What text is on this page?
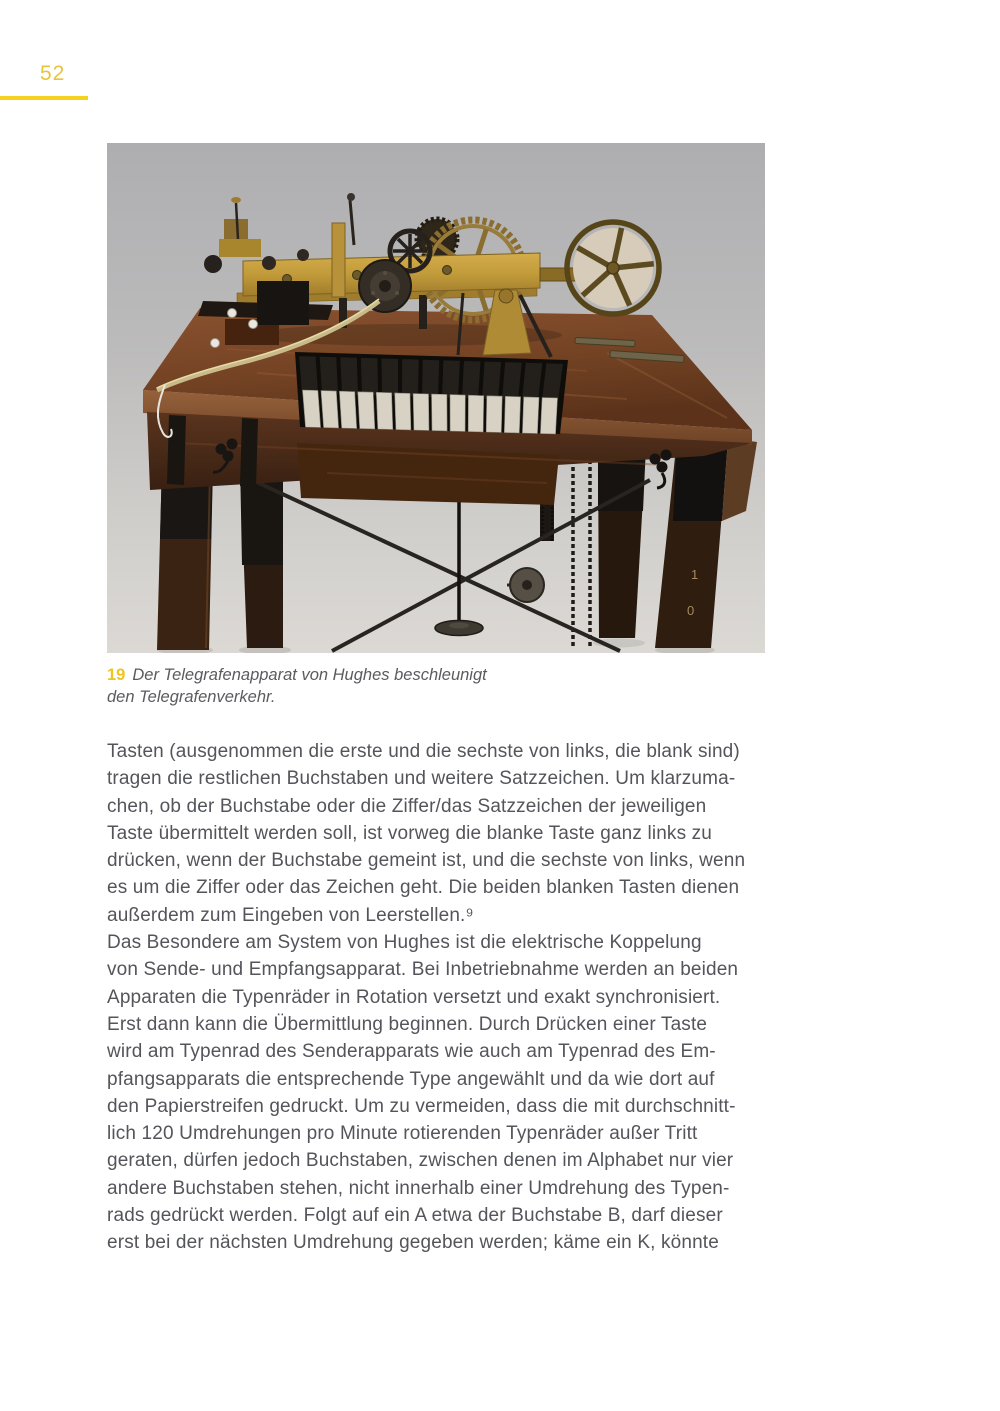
52
1
0
19 Der Telegrafenapparat von Hughes beschleunigt
den Telegrafenverkehr.
Tasten (ausgenommen die erste und die sechste von links, die blank sind)
tragen die restlichen Buchstaben und weitere Satzzeichen. Um klarzuma-
chen, ob der Buchstabe oder die Ziffer/das Satzzeichen der jeweiligen
Taste übermittelt werden soll, ist vorweg die blanke Taste ganz links zu
drücken, wenn der Buchstabe gemeint ist, und die sechste von links, wenn
es um die Ziffer oder das Zeichen geht. Die beiden blanken Tasten dienen
außerdem zum Eingeben von Leerstellen.⁹
Das Besondere am System von Hughes ist die elektrische Koppelung
von Sende- und Empfangsapparat. Bei Inbetriebnahme werden an beiden
Apparaten die Typenräder in Rotation versetzt und exakt synchronisiert.
Erst dann kann die Übermittlung beginnen. Durch Drücken einer Taste
wird am Typenrad des Senderapparats wie auch am Typenrad des Em-
pfangsapparats die entsprechende Type angewählt und da wie dort auf
den Papierstreifen gedruckt. Um zu vermeiden, dass die mit durchschnitt-
lich 120 Umdrehungen pro Minute rotierenden Typenräder außer Tritt
geraten, dürfen jedoch Buchstaben, zwischen denen im Alphabet nur vier
andere Buchstaben stehen, nicht innerhalb einer Umdrehung des Typen-
rads gedrückt werden. Folgt auf ein A etwa der Buchstabe B, darf dieser
erst bei der nächsten Umdrehung gegeben werden; käme ein K, könnte
